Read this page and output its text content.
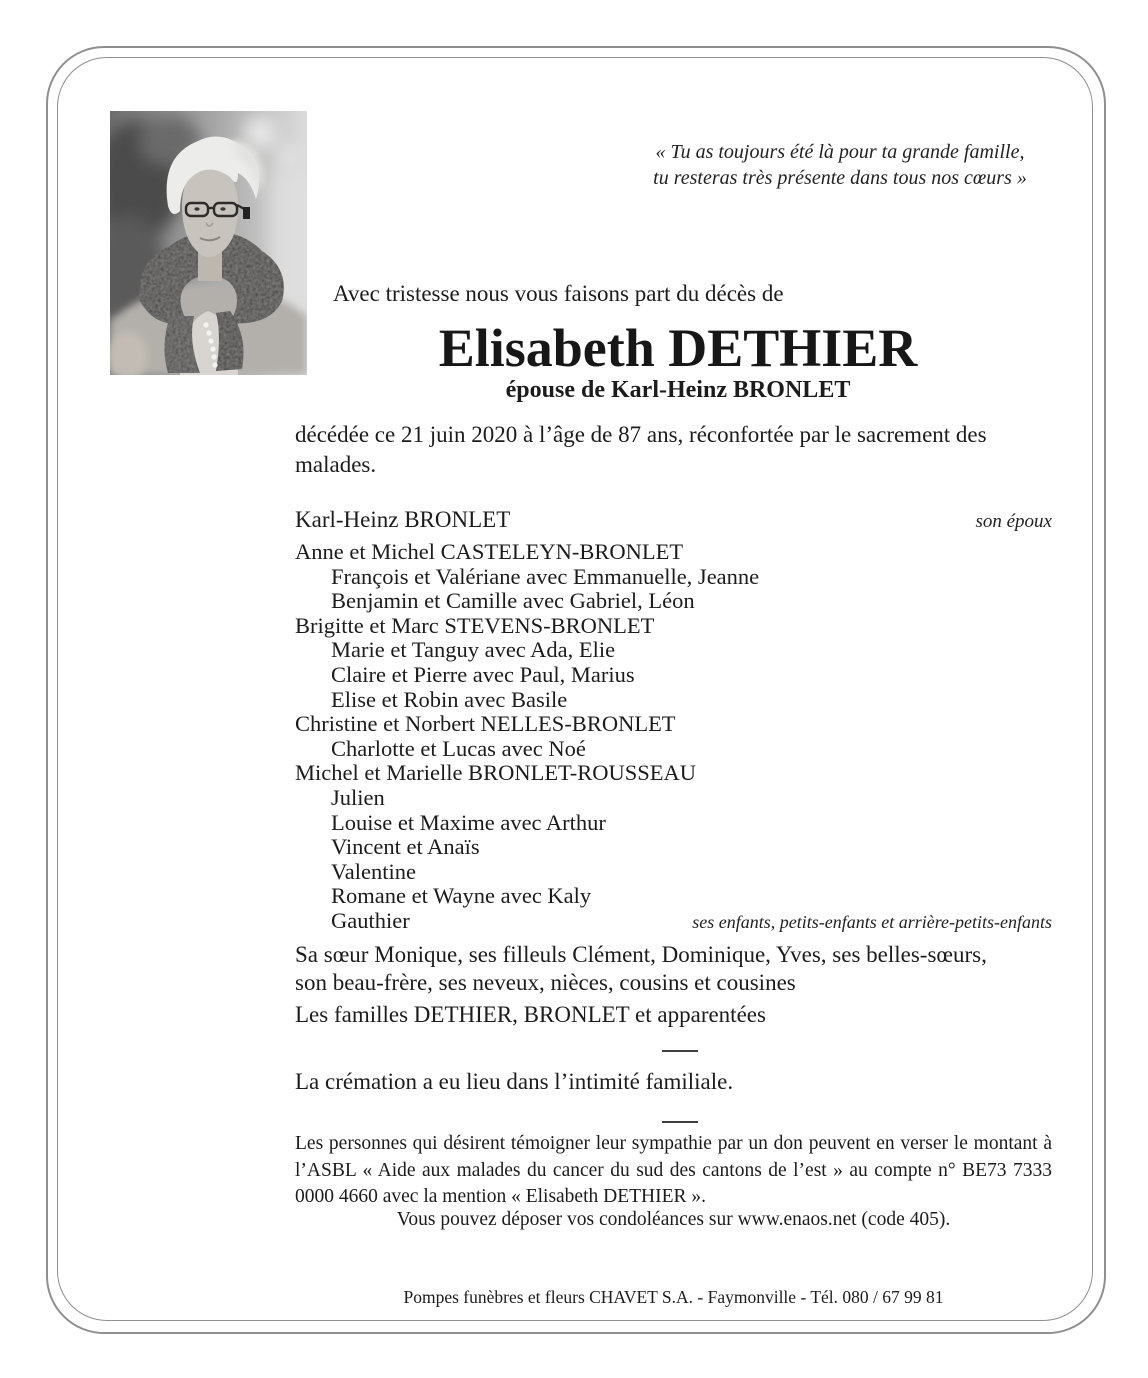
« Tu as toujours été là pour ta grande famille,
tu resteras très présente dans tous nos cœurs »
Avec tristesse nous vous faisons part du décès de
Elisabeth DETHIER
épouse de Karl-Heinz BRONLET
décédée ce 21 juin 2020 à l’âge de 87 ans, réconfortée par le sacrement des malades.
Karl-Heinz BRONLET	son époux
Anne et Michel CASTELEYN-BRONLET
François et Valériane avec Emmanuelle, Jeanne
Benjamin et Camille avec Gabriel, Léon
Brigitte et Marc STEVENS-BRONLET
Marie et Tanguy avec Ada, Elie
Claire et Pierre avec Paul, Marius
Elise et Robin avec Basile
Christine et Norbert NELLES-BRONLET
Charlotte et Lucas avec Noé
Michel et Marielle BRONLET-ROUSSEAU
Julien
Louise et Maxime avec Arthur
Vincent et Anaïs
Valentine
Romane et Wayne avec Kaly
Gauthier	ses enfants, petits-enfants et arrière-petits-enfants
Sa sœur Monique, ses filleuls Clément, Dominique, Yves, ses belles-sœurs, son beau-frère, ses neveux, nièces, cousins et cousines
Les familles DETHIER, BRONLET et apparentées
La crémation a eu lieu dans l’intimité familiale.
Les personnes qui désirent témoigner leur sympathie par un don peuvent en verser le montant à l’ASBL « Aide aux malades du cancer du sud des cantons de l’est » au compte n° BE73 7333 0000 4660 avec la mention « Elisabeth DETHIER ».
Vous pouvez déposer vos condoléances sur www.enaos.net (code 405).
Pompes funèbres et fleurs CHAVET S.A. - Faymonville - Tél. 080 / 67 99 81
